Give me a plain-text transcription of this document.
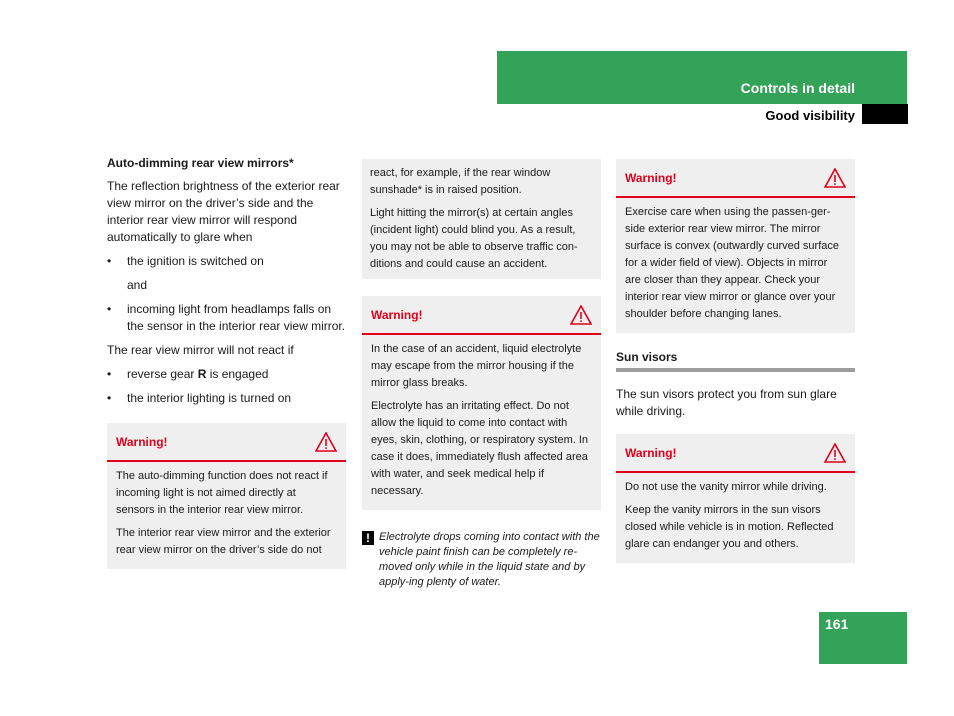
Controls in detail
Good visibility
Auto-dimming rear view mirrors*
The reflection brightness of the exterior rear view mirror on the driver’s side and the interior rear view mirror will respond automatically to glare when
•	the ignition is switched on
and
•	incoming light from headlamps falls on the sensor in the interior rear view mirror.
The rear view mirror will not react if
•	reverse gear R is engaged
•	the interior lighting is turned on
Warning!
The auto-dimming function does not react if incoming light is not aimed directly at sensors in the interior rear view mirror.
The interior rear view mirror and the exterior rear view mirror on the driver’s side do not
react, for example, if the rear window sunshade* is in raised position.
Light hitting the mirror(s) at certain angles (incident light) could blind you. As a result, you may not be able to observe traffic con-ditions and could cause an accident.
Warning!
In the case of an accident, liquid electrolyte may escape from the mirror housing if the mirror glass breaks.
Electrolyte has an irritating effect. Do not allow the liquid to come into contact with eyes, skin, clothing, or respiratory system. In case it does, immediately flush affected area with water, and seek medical help if necessary.
! Electrolyte drops coming into contact with the vehicle paint finish can be completely re-moved only while in the liquid state and by apply-ing plenty of water.
Warning!
Exercise care when using the passen-ger-side exterior rear view mirror. The mirror surface is convex (outwardly curved surface for a wider field of view). Objects in mirror are closer than they appear. Check your interior rear view mirror or glance over your shoulder before changing lanes.
Sun visors
The sun visors protect you from sun glare while driving.
Warning!
Do not use the vanity mirror while driving.
Keep the vanity mirrors in the sun visors closed while vehicle is in motion. Reflected glare can endanger you and others.
161
